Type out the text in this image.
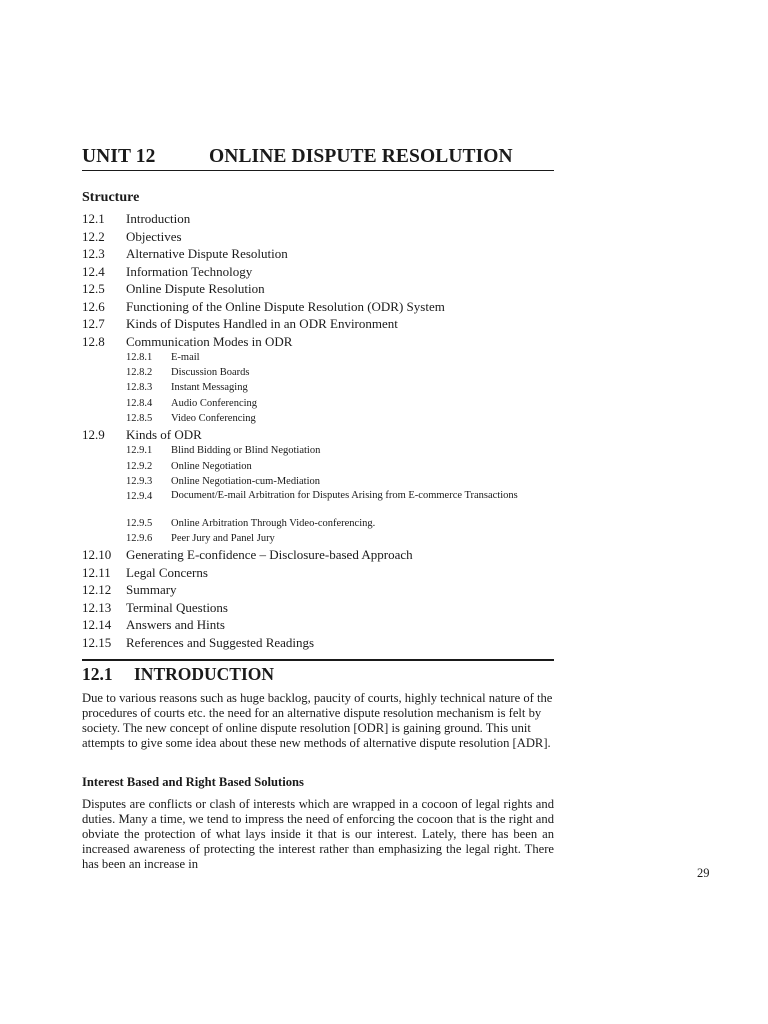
UNIT 12	ONLINE DISPUTE RESOLUTION
Structure
12.1 Introduction
12.2 Objectives
12.3 Alternative Dispute Resolution
12.4 Information Technology
12.5 Online Dispute Resolution
12.6 Functioning of the Online Dispute Resolution (ODR) System
12.7 Kinds of Disputes Handled in an ODR Environment
12.8 Communication Modes in ODR
12.8.1 E-mail
12.8.2 Discussion Boards
12.8.3 Instant Messaging
12.8.4 Audio Conferencing
12.8.5 Video Conferencing
12.9 Kinds of ODR
12.9.1 Blind Bidding or Blind Negotiation
12.9.2 Online Negotiation
12.9.3 Online Negotiation-cum-Mediation
12.9.4 Document/E-mail Arbitration for Disputes Arising from E-commerce Transactions
12.9.5 Online Arbitration Through Video-conferencing.
12.9.6 Peer Jury and Panel Jury
12.10 Generating E-confidence – Disclosure-based Approach
12.11 Legal Concerns
12.12 Summary
12.13 Terminal Questions
12.14 Answers and Hints
12.15 References and Suggested Readings
12.1 INTRODUCTION

Due to various reasons such as huge backlog, paucity of courts, highly technical nature of the procedures of courts etc. the need for an alternative dispute resolution mechanism is felt by society. The new concept of online dispute resolution [ODR] is gaining ground. This unit attempts to give some idea about these new methods of alternative dispute resolution [ADR].

Interest Based and Right Based Solutions

Disputes are conflicts or clash of interests which are wrapped in a cocoon of legal rights and duties. Many a time, we tend to impress the need of enforcing the cocoon that is the right and obviate the protection of what lays inside it that is our interest. Lately, there has been an increased awareness of protecting the interest rather than emphasizing the legal right. There has been an increase in

29
